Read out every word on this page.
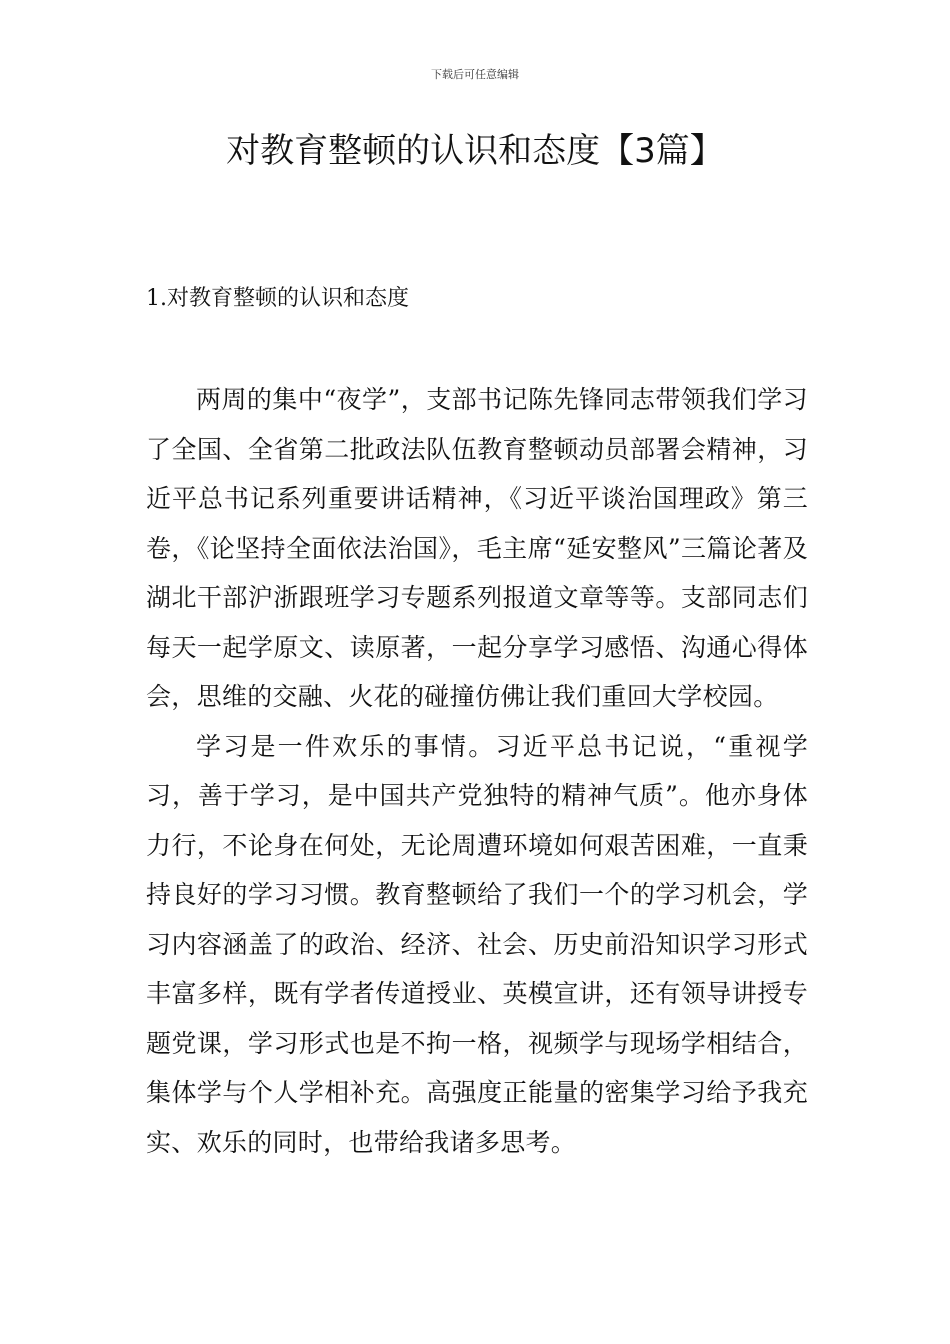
下载后可任意编辑
对教育整顿的认识和态度【3篇】
1.对教育整顿的认识和态度

两周的集中“夜学”，支部书记陈先锋同志带领我们学习了全国、全省第二批政法队伍教育整顿动员部署会精神，习近平总书记系列重要讲话精神，《习近平谈治国理政》第三卷，《论坚持全面依法治国》，毛主席“延安整风”三篇论著及湖北干部沪浙跟班学习专题系列报道文章等等。支部同志们每天一起学原文、读原著，一起分享学习感悟、沟通心得体会，思维的交融、火花的碰撞仿佛让我们重回大学校园。

学习是一件欢乐的事情。习近平总书记说，“重视学习，善于学习，是中国共产党独特的精神气质”。他亦身体力行，不论身在何处，无论周遭环境如何艰苦困难，一直秉持良好的学习习惯。教育整顿给了我们一个的学习机会，学习内容涵盖了的政治、经济、社会、历史前沿知识学习形式丰富多样，既有学者传道授业、英模宣讲，还有领导讲授专题党课，学习形式也是不拘一格，视频学与现场学相结合，集体学与个人学相补充。高强度正能量的密集学习给予我充实、欢乐的同时，也带给我诸多思考。
